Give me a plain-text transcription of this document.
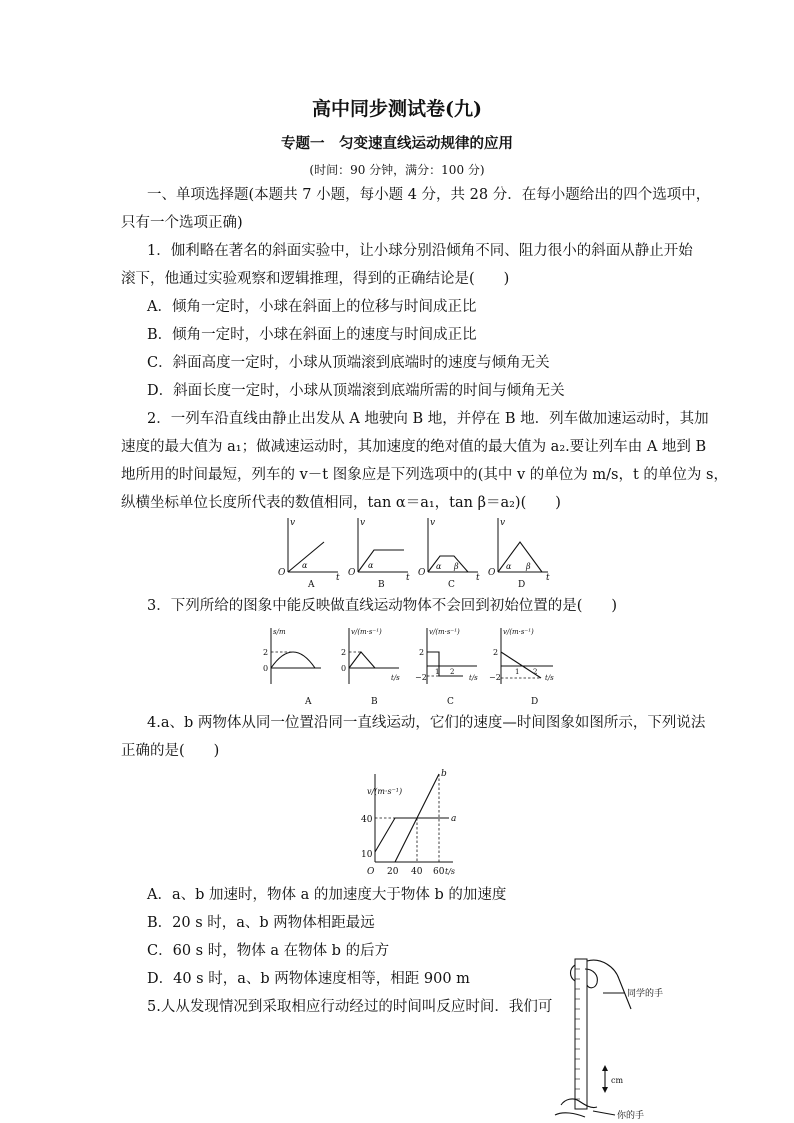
高中同步测试卷(九)
专题一　匀变速直线运动规律的应用
(时间：90 分钟，满分：100 分)
一、单项选择题(本题共 7 小题，每小题 4 分，共 28 分．在每小题给出的四个选项中，
只有一个选项正确)
1．伽利略在著名的斜面实验中，让小球分别沿倾角不同、阻力很小的斜面从静止开始
滚下，他通过实验观察和逻辑推理，得到的正确结论是(　　)
A．倾角一定时，小球在斜面上的位移与时间成正比
B．倾角一定时，小球在斜面上的速度与时间成正比
C．斜面高度一定时，小球从顶端滚到底端时的速度与倾角无关
D．斜面长度一定时，小球从顶端滚到底端所需的时间与倾角无关
2．一列车沿直线由静止出发从 A 地驶向 B 地，并停在 B 地．列车做加速运动时，其加
速度的最大值为 a₁；做减速运动时，其加速度的绝对值的最大值为 a₂.要让列车由 A 地到 B
地所用的时间最短，列车的 v－t 图象应是下列选项中的(其中 v 的单位为 m/s，t 的单位为 s，
纵横坐标单位长度所代表的数值相同，tan α＝a₁，tan β＝a₂)(　　)
v
O	t
α
A
v
O	t
α
B
v
O	t
α β
C
v
O	t
α β
D
3．下列所给的图象中能反映做直线运动物体不会回到初始位置的是(　　)
s/m
2
0
A
v/(m·s⁻¹)
2
0
t/s
B
v/(m·s⁻¹)
2
−2
1 2
t/s
C
v/(m·s⁻¹)
2
−2
1 2
t/s
D
4.a、b 两物体从同一位置沿同一直线运动，它们的速度—时间图象如图所示，下列说法
正确的是(　　)
v/(m·s⁻¹)
t/s
O
10
40
20 40 60
a
b
A．a、b 加速时，物体 a 的加速度大于物体 b 的加速度
B．20 s 时，a、b 两物体相距最远
C．60 s 时，物体 a 在物体 b 的后方
D．40 s 时，a、b 两物体速度相等，相距 900 m
5.人从发现情况到采取相应行动经过的时间叫反应时间．我们可
同学的手
cm
你的手
